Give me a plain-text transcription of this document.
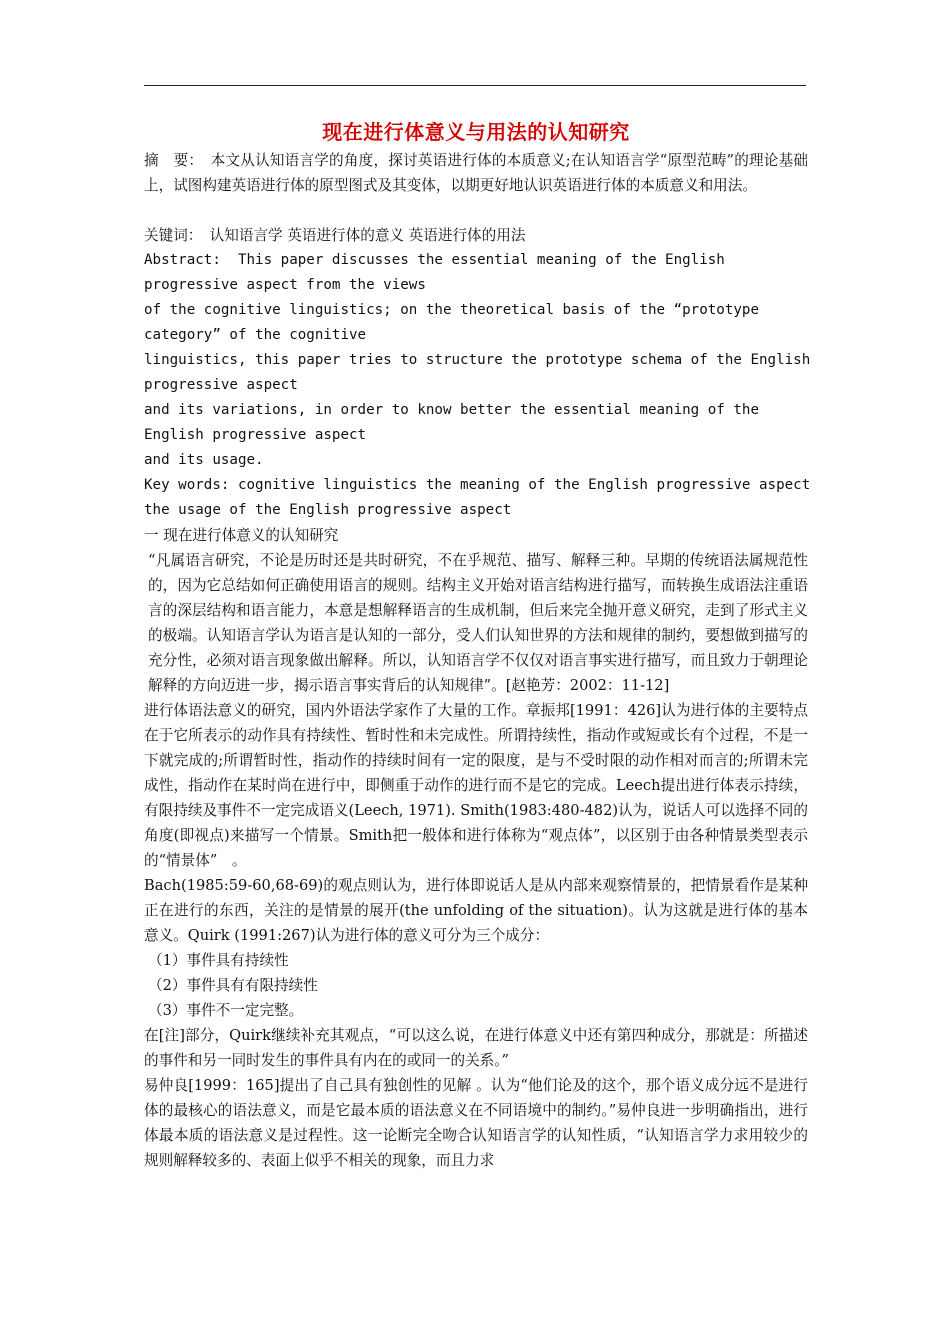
现在进行体意义与用法的认知研究

摘　要：　本文从认知语言学的角度，探讨英语进行体的本质意义;在认知语言学“原型范畴”的理论基础上，试图构建英语进行体的原型图式及其变体，以期更好地认识英语进行体的本质意义和用法。

关键词：　认知语言学 英语进行体的意义 英语进行体的用法

Abstract:  This paper discusses the essential meaning of the English

progressive aspect from the views

of the cognitive linguistics; on the theoretical basis of the “prototype

category” of the cognitive

linguistics, this paper tries to structure the prototype schema of the English

progressive aspect

and its variations, in order to know better the essential meaning of the

English progressive aspect

and its usage.

Key words: cognitive linguistics the meaning of the English progressive aspect

the usage of the English progressive aspect

一 现在进行体意义的认知研究

“凡属语言研究，不论是历时还是共时研究，不在乎规范、描写、解释三种。早期的传统语法属规范性的，因为它总结如何正确使用语言的规则。结构主义开始对语言结构进行描写，而转换生成语法注重语言的深层结构和语言能力，本意是想解释语言的生成机制，但后来完全抛开意义研究，走到了形式主义的极端。认知语言学认为语言是认知的一部分，受人们认知世界的方法和规律的制约，要想做到描写的充分性，必须对语言现象做出解释。所以，认知语言学不仅仅对语言事实进行描写，而且致力于朝理论解释的方向迈进一步，揭示语言事实背后的认知规律”。[赵艳芳：2002：11-12]

进行体语法意义的研究，国内外语法学家作了大量的工作。章振邦[1991：426]认为进行体的主要特点在于它所表示的动作具有持续性、暂时性和未完成性。所谓持续性，指动作或短或长有个过程，不是一下就完成的;所谓暂时性，指动作的持续时间有一定的限度，是与不受时限的动作相对而言的;所谓未完成性，指动作在某时尚在进行中，即侧重于动作的进行而不是它的完成。Leech提出进行体表示持续，有限持续及事件不一定完成语义(Leech, 1971). Smith(1983:480-482)认为，说话人可以选择不同的角度(即视点)来描写一个情景。Smith把一般体和进行体称为“观点体”，以区别于由各种情景类型表示的“情景体”　。

Bach(1985:59-60,68-69)的观点则认为，进行体即说话人是从内部来观察情景的，把情景看作是某种正在进行的东西，关注的是情景的展开(the unfolding of the situation)。认为这就是进行体的基本意义。Quirk (1991:267)认为进行体的意义可分为三个成分：

（1）事件具有持续性

（2）事件具有有限持续性

（3）事件不一定完整。

在[注]部分，Quirk继续补充其观点，“可以这么说，在进行体意义中还有第四种成分，那就是：所描述的事件和另一同时发生的事件具有内在的或同一的关系。”

易仲良[1999：165]提出了自己具有独创性的见解 。认为“他们论及的这个，那个语义成分远不是进行体的最核心的语法意义，而是它最本质的语法意义在不同语境中的制约。”易仲良进一步明确指出，进行体最本质的语法意义是过程性。这一论断完全吻合认知语言学的认知性质，“认知语言学力求用较少的规则解释较多的、表面上似乎不相关的现象，而且力求
